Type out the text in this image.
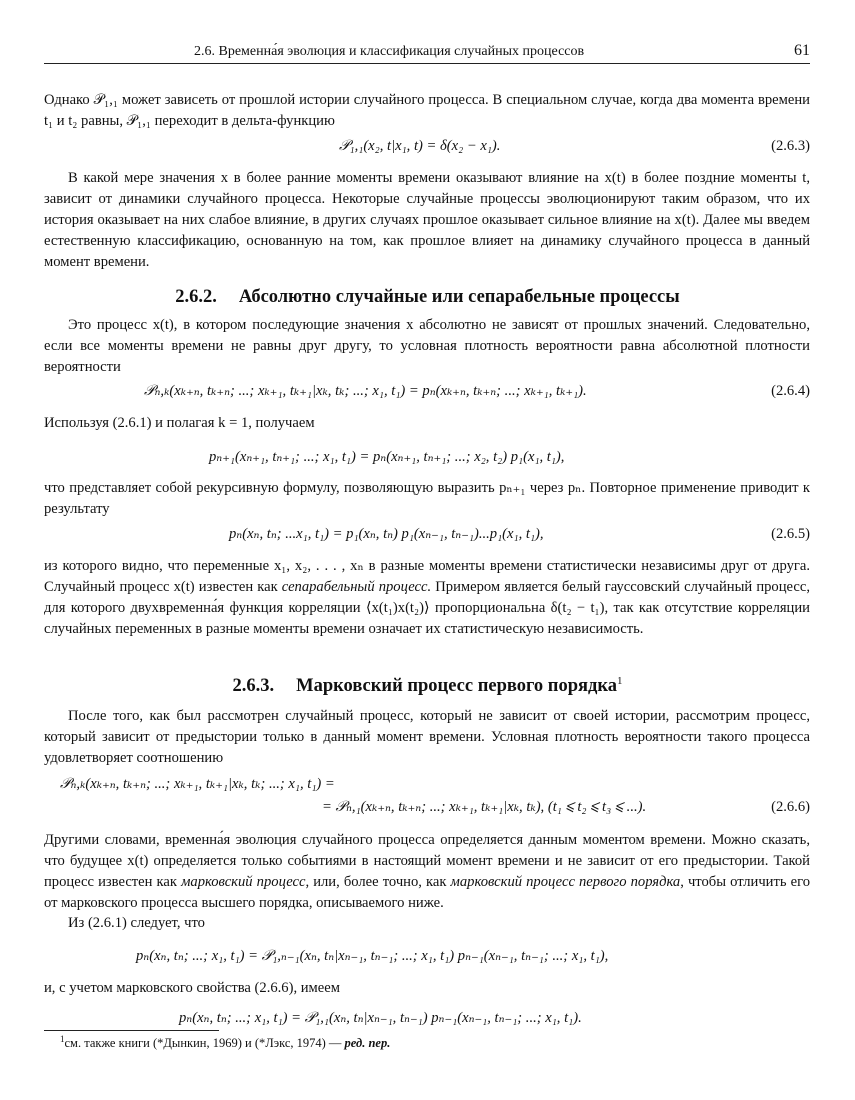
2.6. Временна́я эволюция и классификация случайных процессов	61

Однако 𝒫₁,₁ может зависеть от прошлой истории случайного процесса. В специальном случае, когда два момента времени t₁ и t₂ равны, 𝒫₁,₁ переходит в дельта-функцию

𝒫₁,₁(x₂, t|x₁, t) = δ(x₂ − x₁).	(2.6.3)

В какой мере значения x в более ранние моменты времени оказывают влияние на x(t) в более поздние моменты t, зависит от динамики случайного процесса. Некоторые случайные процессы эволюционируют таким образом, что их история оказывает на них слабое влияние, в других случаях прошлое оказывает сильное влияние на x(t). Далее мы введем естественную классификацию, основанную на том, как прошлое влияет на динамику случайного процесса в данный момент времени.

2.6.2. Абсолютно случайные или сепарабельные процессы

Это процесс x(t), в котором последующие значения x абсолютно не зависят от прошлых значений. Следовательно, если все моменты времени не равны друг другу, то условная плотность вероятности равна абсолютной плотности вероятности

𝒫ₙ,ₖ(xₖ₊ₙ, tₖ₊ₙ; ...; xₖ₊₁, tₖ₊₁|xₖ, tₖ; ...; x₁, t₁) = pₙ(xₖ₊ₙ, tₖ₊ₙ; ...; xₖ₊₁, tₖ₊₁).	(2.6.4)

Используя (2.6.1) и полагая k = 1, получаем

pₙ₊₁(xₙ₊₁, tₙ₊₁; ...; x₁, t₁) = pₙ(xₙ₊₁, tₙ₊₁; ...; x₂, t₂) p₁(x₁, t₁),

что представляет собой рекурсивную формулу, позволяющую выразить pₙ₊₁ через pₙ. Повторное применение приводит к результату

pₙ(xₙ, tₙ; ...x₁, t₁) = p₁(xₙ, tₙ) p₁(xₙ₋₁, tₙ₋₁)...p₁(x₁, t₁),	(2.6.5)

из которого видно, что переменные x₁, x₂, . . . , xₙ в разные моменты времени статистически независимы друг от друга. Случайный процесс x(t) известен как сепарабельный процесс. Примером является белый гауссовский случайный процесс, для которого двухвременна́я функция корреляции ⟨x(t₁)x(t₂)⟩ пропорциональна δ(t₂ − t₁), так как отсутствие корреляции случайных переменных в разные моменты времени означает их статистическую независимость.

2.6.3. Марковский процесс первого порядка$^1$

После того, как был рассмотрен случайный процесс, который не зависит от своей истории, рассмотрим процесс, который зависит от предыстории только в данный момент времени. Условная плотность вероятности такого процесса удовлетворяет соотношению

𝒫ₙ,ₖ(xₖ₊ₙ, tₖ₊ₙ; ...; xₖ₊₁, tₖ₊₁|xₖ, tₖ; ...; x₁, t₁) =
= 𝒫ₙ,₁(xₖ₊ₙ, tₖ₊ₙ; ...; xₖ₊₁, tₖ₊₁|xₖ, tₖ), (t₁ ⩽ t₂ ⩽ t₃ ⩽ ...).	(2.6.6)

Другими словами, временна́я эволюция случайного процесса определяется данным моментом времени. Можно сказать, что будущее x(t) определяется только событиями в настоящий момент времени и не зависит от его предыстории. Такой процесс известен как марковский процесс, или, более точно, как марковский процесс первого порядка, чтобы отличить его от марковского процесса высшего порядка, описываемого ниже.

Из (2.6.1) следует, что

pₙ(xₙ, tₙ; ...; x₁, t₁) = 𝒫₁,ₙ₋₁(xₙ, tₙ|xₙ₋₁, tₙ₋₁; ...; x₁, t₁) pₙ₋₁(xₙ₋₁, tₙ₋₁; ...; x₁, t₁),

и, с учетом марковского свойства (2.6.6), имеем

pₙ(xₙ, tₙ; ...; x₁, t₁) = 𝒫₁,₁(xₙ, tₙ|xₙ₋₁, tₙ₋₁) pₙ₋₁(xₙ₋₁, tₙ₋₁; ...; x₁, t₁).
$^1$см. также книги (*Дынкин, 1969) и (*Лэкс, 1974) — ред. пер.
